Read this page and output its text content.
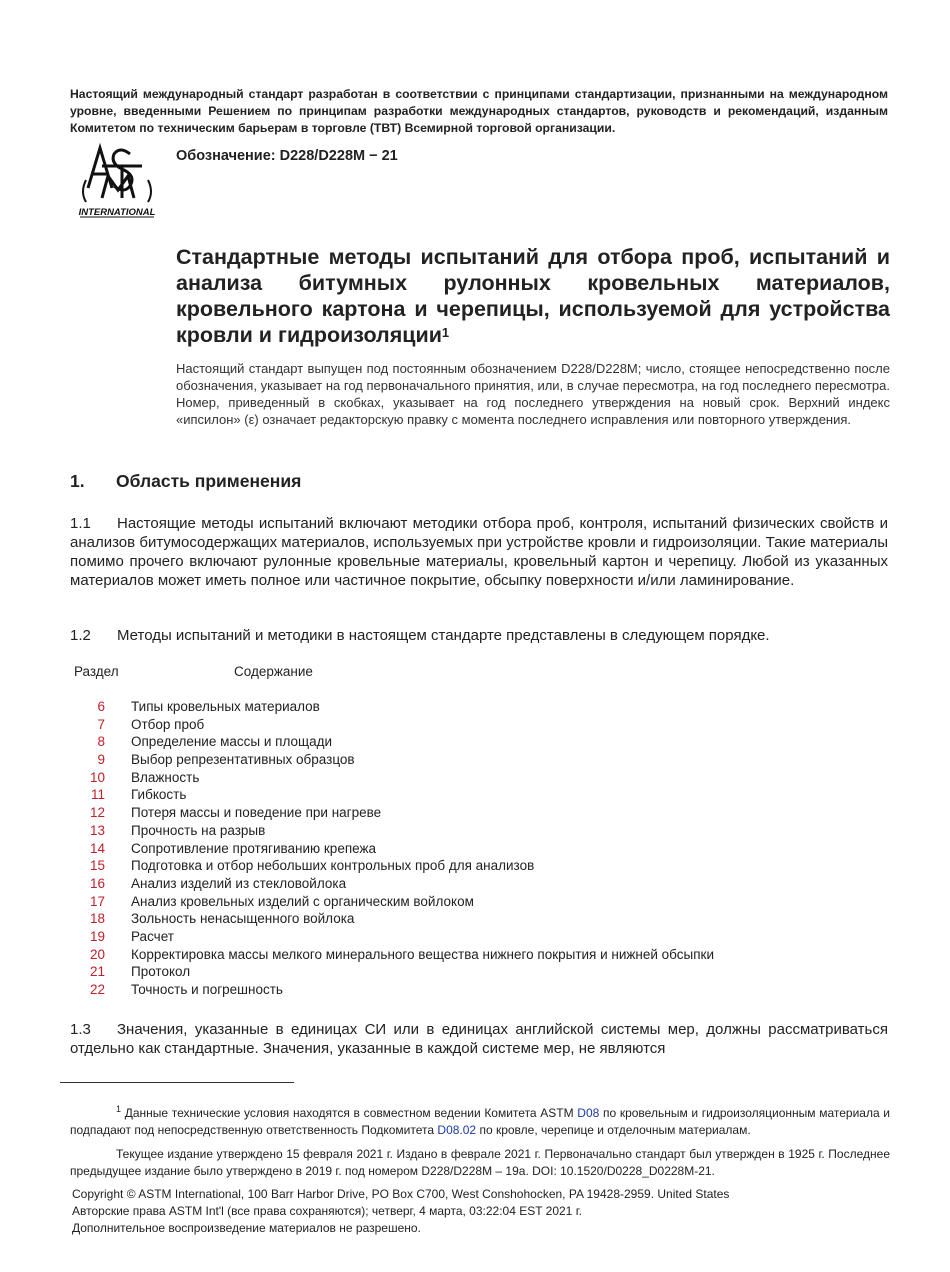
Настоящий международный стандарт разработан в соответствии с принципами стандартизации, признанными на международном уровне, введенными Решением по принципам разработки международных стандартов, руководств и рекомендаций, изданным Комитетом по техническим барьерам в торговле (ТВТ) Всемирной торговой организации.
INTERNATIONAL
Обозначение: D228/D228M − 21
Стандартные методы испытаний для отбора проб, испытаний и анализа битумных рулонных кровельных материалов, кровельного картона и черепицы, используемой для устройства кровли и гидроизоляции$^1$
Настоящий стандарт выпущен под постоянным обозначением D228/D228M; число, стоящее непосредственно после обозначения, указывает на год первоначального принятия, или, в случае пересмотра, на год последнего пересмотра. Номер, приведенный в скобках, указывает на год последнего утверждения на новый срок. Верхний индекс «ипсилон» (ε) означает редакторскую правку с момента последнего исправления или повторного утверждения.
1. Область применения
1.1 Настоящие методы испытаний включают методики отбора проб, контроля, испытаний физических свойств и анализов битумосодержащих материалов, используемых при устройстве кровли и гидроизоляции. Такие материалы помимо прочего включают рулонные кровельные материалы, кровельный картон и черепицу. Любой из указанных материалов может иметь полное или частичное покрытие, обсыпку поверхности и/или ламинирование.
1.2 Методы испытаний и методики в настоящем стандарте представлены в следующем порядке.
Раздел	Содержание
6 Типы кровельных материалов
7 Отбор проб
8 Определение массы и площади
9 Выбор репрезентативных образцов
10 Влажность
11 Гибкость
12 Потеря массы и поведение при нагреве
13 Прочность на разрыв
14 Сопротивление протягиванию крепежа
15 Подготовка и отбор небольших контрольных проб для анализов
16 Анализ изделий из стекловойлока
17 Анализ кровельных изделий с органическим войлоком
18 Зольность ненасыщенного войлока
19 Расчет
20 Корректировка массы мелкого минерального вещества нижнего покрытия и нижней обсыпки
21 Протокол
22 Точность и погрешность
1.3 Значения, указанные в единицах СИ или в единицах английской системы мер, должны рассматриваться отдельно как стандартные. Значения, указанные в каждой системе мер, не являются
$^1$ Данные технические условия находятся в совместном ведении Комитета ASTM D08 по кровельным и гидроизоляционным материала и подпадают под непосредственную ответственность Подкомитета D08.02 по кровле, черепице и отделочным материалам.
Текущее издание утверждено 15 февраля 2021 г. Издано в феврале 2021 г. Первоначально стандарт был утвержден в 1925 г. Последнее предыдущее издание было утверждено в 2019 г. под номером D228/D228M – 19a. DOI: 10.1520/D0228_D0228M-21.
Copyright © ASTM International, 100 Barr Harbor Drive, PO Box C700, West Conshohocken, PA 19428-2959. United States
Авторские права ASTM Int'l (все права сохраняются); четверг, 4 марта, 03:22:04 EST 2021 г.
Дополнительное воспроизведение материалов не разрешено.
